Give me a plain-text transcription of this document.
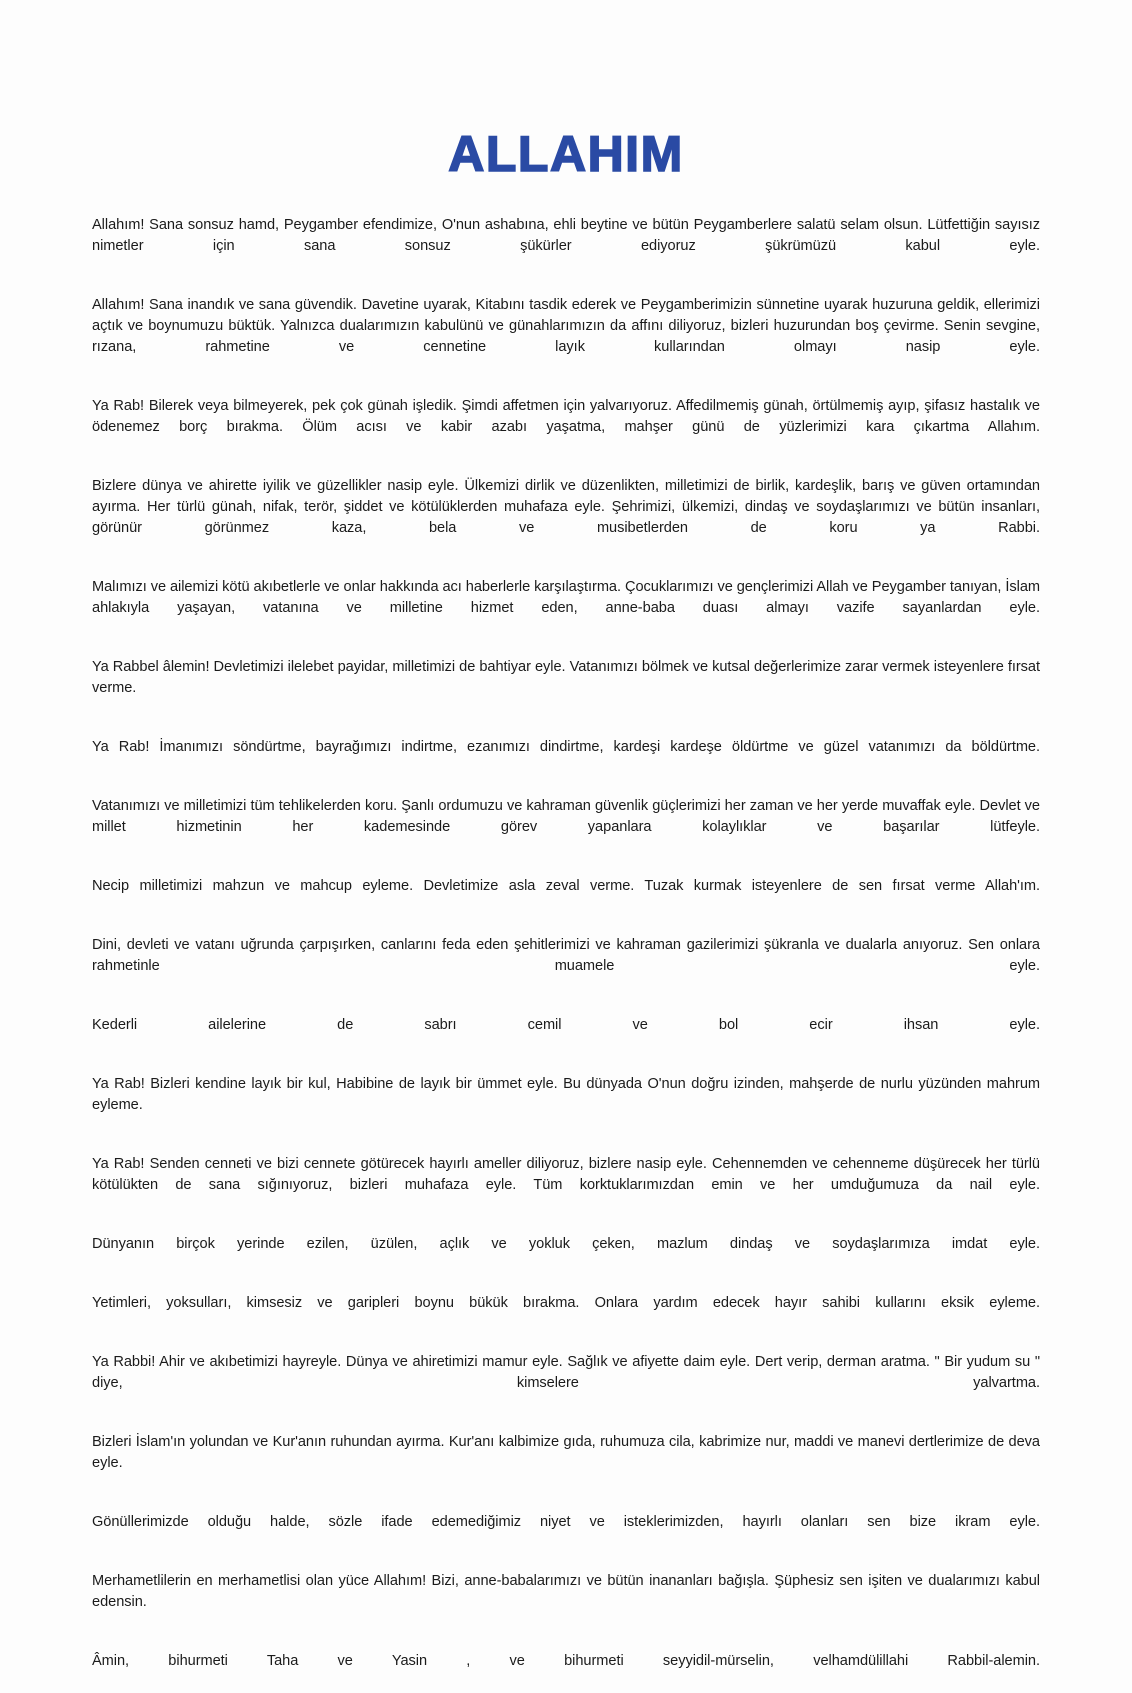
ALLAHIM

Allahım! Sana sonsuz hamd, Peygamber efendimize, O'nun ashabına, ehli beytine ve bütün Peygamberlere salatü selam olsun. Lütfettiğin sayısız nimetler için sana sonsuz şükürler ediyoruz şükrümüzü kabul eyle.

Allahım! Sana inandık ve sana güvendik. Davetine uyarak, Kitabını tasdik ederek ve Peygamberimizin sünnetine uyarak huzuruna geldik, ellerimizi açtık ve boynumuzu büktük. Yalnızca dualarımızın kabulünü ve günahlarımızın da affını diliyoruz, bizleri huzurundan boş çevirme. Senin sevgine, rızana, rahmetine ve cennetine layık kullarından olmayı nasip eyle.

Ya Rab! Bilerek veya bilmeyerek, pek çok günah işledik. Şimdi affetmen için yalvarıyoruz. Affedilmemiş günah, örtülmemiş ayıp, şifasız hastalık ve ödenemez borç bırakma. Ölüm acısı ve kabir azabı yaşatma, mahşer günü de yüzlerimizi kara çıkartma Allahım.

Bizlere dünya ve ahirette iyilik ve güzellikler nasip eyle. Ülkemizi dirlik ve düzenlikten, milletimizi de birlik, kardeşlik, barış ve güven ortamından ayırma. Her türlü günah, nifak, terör, şiddet ve kötülüklerden muhafaza eyle. Şehrimizi, ülkemizi, dindaş ve soydaşlarımızı ve bütün insanları, görünür görünmez kaza, bela ve musibetlerden de koru ya Rabbi.

Malımızı ve ailemizi kötü akıbetlerle ve onlar hakkında acı haberlerle karşılaştırma. Çocuklarımızı ve gençlerimizi Allah ve Peygamber tanıyan, İslam ahlakıyla yaşayan, vatanına ve milletine hizmet eden, anne-baba duası almayı vazife sayanlardan eyle.

Ya Rabbel âlemin! Devletimizi ilelebet payidar, milletimizi de bahtiyar eyle. Vatanımızı bölmek ve kutsal değerlerimize zarar vermek isteyenlere fırsat verme.

Ya Rab! İmanımızı söndürtme, bayrağımızı indirtme, ezanımızı dindirtme, kardeşi kardeşe öldürtme ve güzel vatanımızı da böldürtme.

Vatanımızı ve milletimizi tüm tehlikelerden koru. Şanlı ordumuzu ve kahraman güvenlik güçlerimizi her zaman ve her yerde muvaffak eyle. Devlet ve millet hizmetinin her kademesinde görev yapanlara kolaylıklar ve başarılar lütfeyle.

Necip milletimizi mahzun ve mahcup eyleme. Devletimize asla zeval verme. Tuzak kurmak isteyenlere de sen fırsat verme Allah'ım.

Dini, devleti ve vatanı uğrunda çarpışırken, canlarını feda eden şehitlerimizi ve kahraman gazilerimizi şükranla ve dualarla anıyoruz. Sen onlara rahmetinle muamele eyle.

Kederli ailelerine de sabrı cemil ve bol ecir ihsan eyle.

Ya Rab! Bizleri kendine layık bir kul, Habibine de layık bir ümmet eyle. Bu dünyada O'nun doğru izinden, mahşerde de nurlu yüzünden mahrum eyleme.

Ya Rab! Senden cenneti ve bizi cennete götürecek hayırlı ameller diliyoruz, bizlere nasip eyle. Cehennemden ve cehenneme düşürecek her türlü kötülükten de sana sığınıyoruz, bizleri muhafaza eyle. Tüm korktuklarımızdan emin ve her umduğumuza da nail eyle.

Dünyanın birçok yerinde ezilen, üzülen, açlık ve yokluk çeken, mazlum dindaş ve soydaşlarımıza imdat eyle.

Yetimleri, yoksulları, kimsesiz ve garipleri boynu bükük bırakma. Onlara yardım edecek hayır sahibi kullarını eksik eyleme.

Ya Rabbi! Ahir ve akıbetimizi hayreyle. Dünya ve ahiretimizi mamur eyle. Sağlık ve afiyette daim eyle. Dert verip, derman aratma. " Bir yudum su " diye, kimselere yalvartma.

Bizleri İslam'ın yolundan ve Kur'anın ruhundan ayırma. Kur'anı kalbimize gıda, ruhumuza cila, kabrimize nur, maddi ve manevi dertlerimize de deva eyle.

Gönüllerimizde olduğu halde, sözle ifade edemediğimiz niyet ve isteklerimizden, hayırlı olanları sen bize ikram eyle.

Merhametlilerin en merhametlisi olan yüce Allahım! Bizi, anne-babalarımızı ve bütün inananları bağışla. Şüphesiz sen işiten ve dualarımızı kabul edensin.

Âmin, bihurmeti Taha ve Yasin , ve bihurmeti seyyidil-mürselin, velhamdülillahi Rabbil-alemin.
